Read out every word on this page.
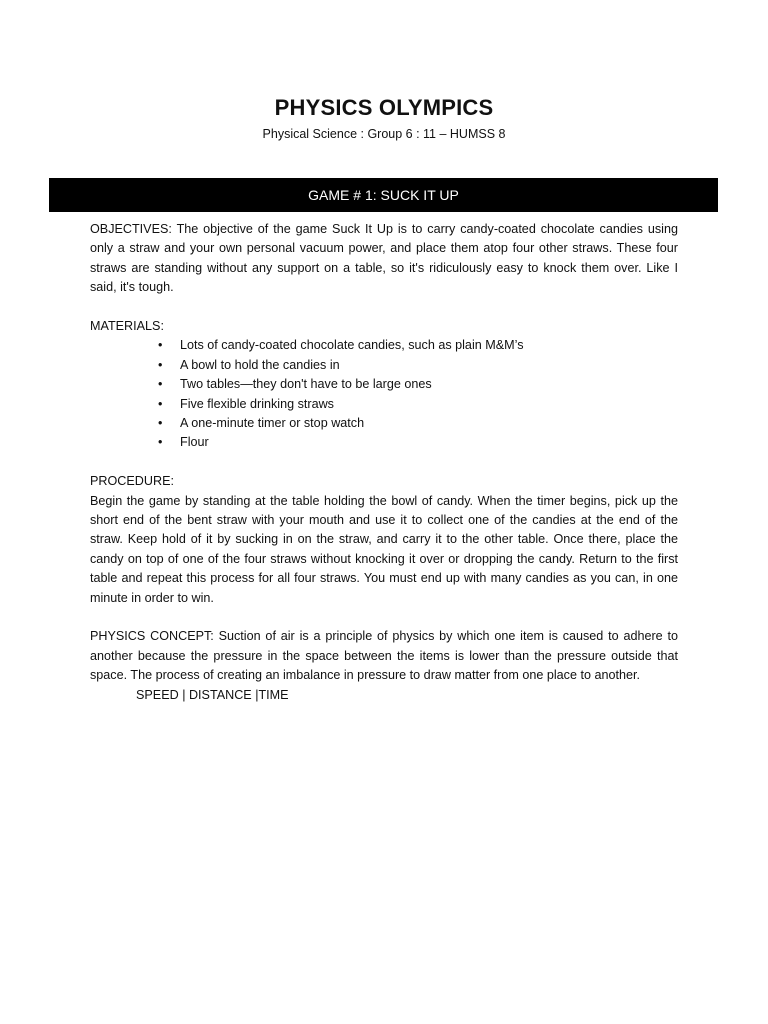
PHYSICS OLYMPICS
Physical Science : Group 6 : 11 – HUMSS 8
GAME # 1: SUCK IT UP

OBJECTIVES: The objective of the game Suck It Up is to carry candy-coated chocolate candies using only a straw and your own personal vacuum power, and place them atop four other straws. These four straws are standing without any support on a table, so it's ridiculously easy to knock them over. Like I said, it's tough.

MATERIALS:
• Lots of candy-coated chocolate candies, such as plain M&M’s
• A bowl to hold the candies in
• Two tables—they don't have to be large ones
• Five flexible drinking straws
• A one-minute timer or stop watch
• Flour
PROCEDURE:

Begin the game by standing at the table holding the bowl of candy. When the timer begins, pick up the short end of the bent straw with your mouth and use it to collect one of the candies at the end of the straw. Keep hold of it by sucking in on the straw, and carry it to the other table. Once there, place the candy on top of one of the four straws without knocking it over or dropping the candy. Return to the first table and repeat this process for all four straws. You must end up with many candies as you can, in one minute in order to win.

PHYSICS CONCEPT: Suction of air is a principle of physics by which one item is caused to adhere to another because the pressure in the space between the items is lower than the pressure outside that space. The process of creating an imbalance in pressure to draw matter from one place to another.

SPEED | DISTANCE |TIME
